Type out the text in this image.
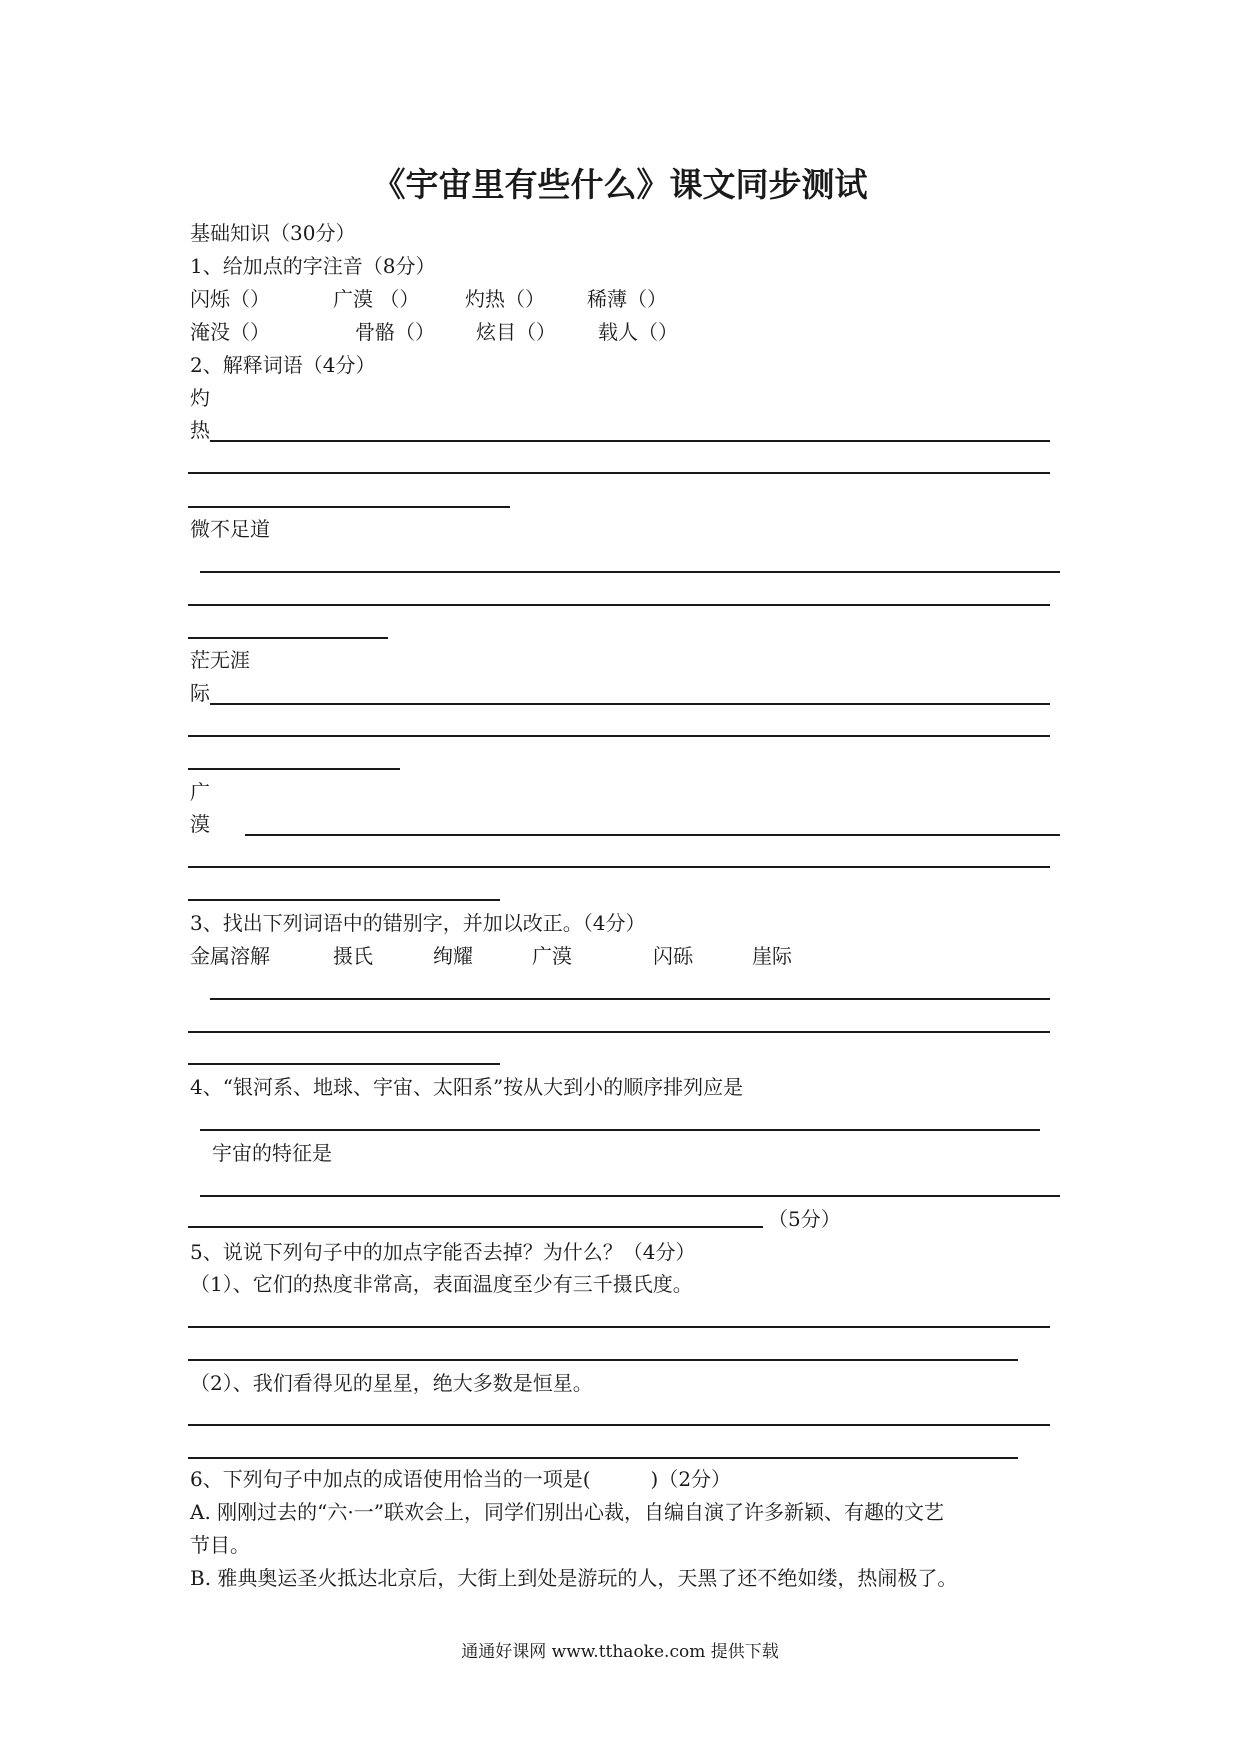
《宇宙里有些什么》课文同步测试
基础知识（30分）
1、给加点的字注音（8分）
闪烁（）	广漠 （） 灼热（） 稀薄（）
淹没（）	骨骼（） 炫目（） 载人（）
2、解释词语（4分）
灼
热
微不足道
茫无涯
际
广
漠
3、找出下列词语中的错别字，并加以改正。（4分）
金属溶解	摄氏	绚耀	广漠	闪砾	崖际
4、“银河系、地球、宇宙、太阳系”按从大到小的顺序排列应是
宇宙的特征是
（5分）
5、说说下列句子中的加点字能否去掉？为什么？（4分）
（1）、它们的热度非常高，表面温度至少有三千摄氏度。
（2）、我们看得见的星星，绝大多数是恒星。
6、下列句子中加点的成语使用恰当的一项是(　　　)（2分）
A. 刚刚过去的“六·一”联欢会上，同学们别出心裁，自编自演了许多新颖、有趣的文艺
节目。
B. 雅典奥运圣火抵达北京后，大街上到处是游玩的人，天黑了还不绝如缕，热闹极了。
通通好课网 www.tthaoke.com 提供下载
